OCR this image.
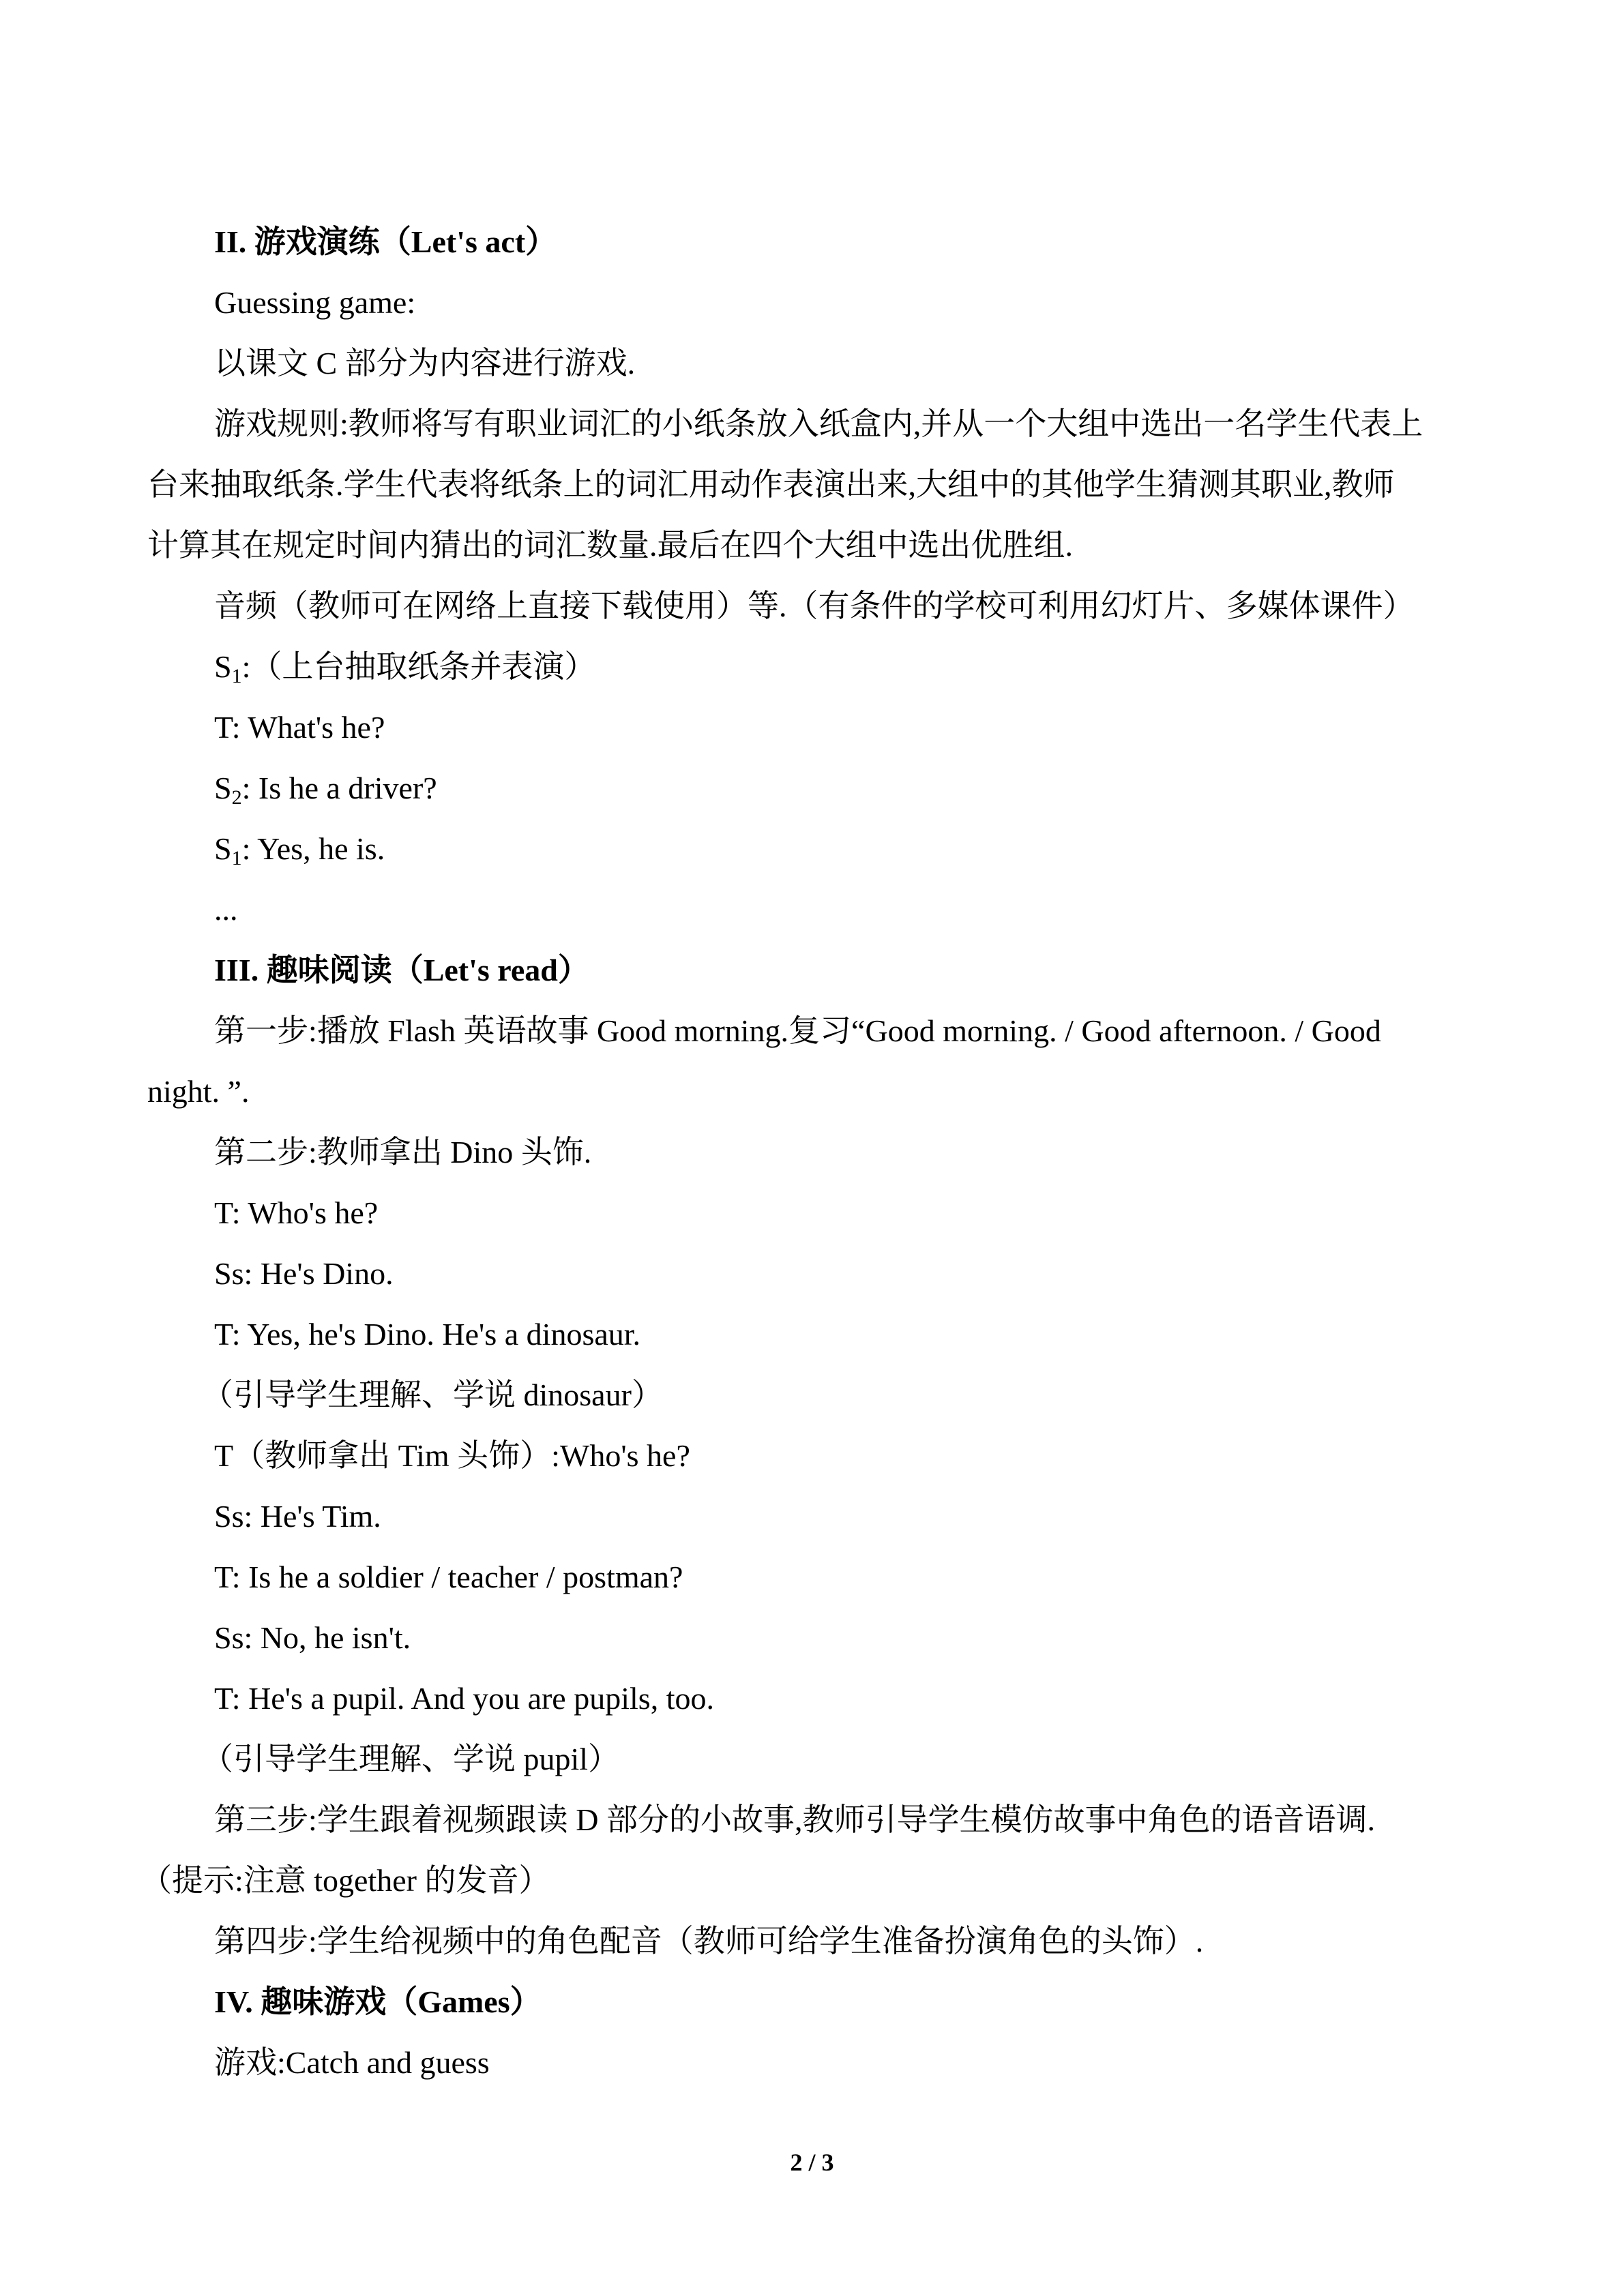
II. 游戏演练（Let's act）
Guessing game:
以课文 C 部分为内容进行游戏.
游戏规则:教师将写有职业词汇的小纸条放入纸盒内,并从一个大组中选出一名学生代表上
台来抽取纸条.学生代表将纸条上的词汇用动作表演出来,大组中的其他学生猜测其职业,教师
计算其在规定时间内猜出的词汇数量.最后在四个大组中选出优胜组.
音频（教师可在网络上直接下载使用）等.（有条件的学校可利用幻灯片、多媒体课件）
$S_1$:（上台抽取纸条并表演）
T: What's he?
$S_2$: Is he a driver?
$S_1$: Yes, he is.
...
III. 趣味阅读（Let's read）
第一步:播放 Flash 英语故事 Good morning.复习“Good morning. / Good afternoon. / Good
night. ”.
第二步:教师拿出 Dino 头饰.
T: Who's he?
Ss: He's Dino.
T: Yes, he's Dino. He's a dinosaur.
（引导学生理解、学说 dinosaur）
T（教师拿出 Tim 头饰）:Who's he?
Ss: He's Tim.
T: Is he a soldier / teacher / postman?
Ss: No, he isn't.
T: He's a pupil. And you are pupils, too.
（引导学生理解、学说 pupil）
第三步:学生跟着视频跟读 D 部分的小故事,教师引导学生模仿故事中角色的语音语调.
（提示:注意 together 的发音）
第四步:学生给视频中的角色配音（教师可给学生准备扮演角色的头饰）.
IV. 趣味游戏（Games）
游戏:Catch and guess
2 / 3
